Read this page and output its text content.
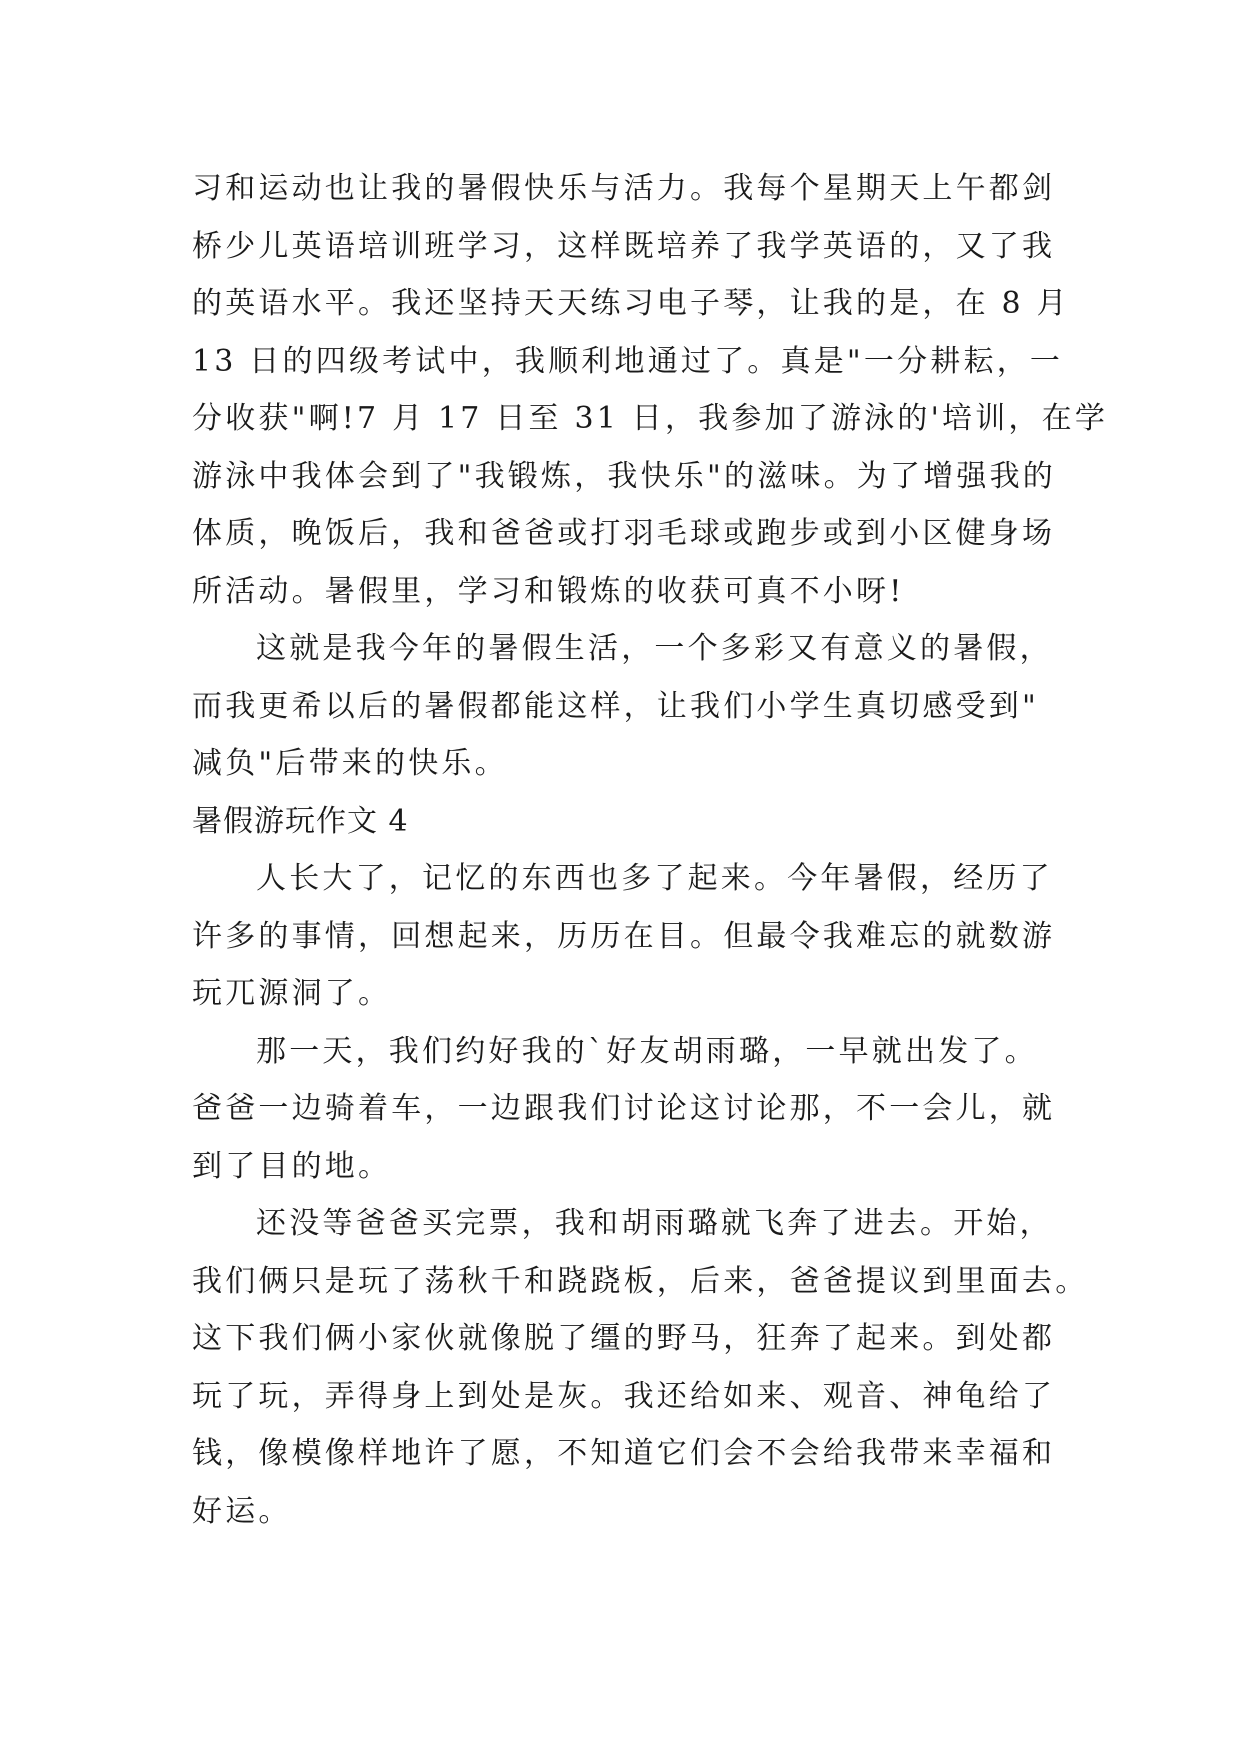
习和运动也让我的暑假快乐与活力。我每个星期天上午都剑
桥少儿英语培训班学习，这样既培养了我学英语的，又了我
的英语水平。我还坚持天天练习电子琴，让我的是，在 8 月
13 日的四级考试中，我顺利地通过了。真是"一分耕耘，一
分收获"啊!7 月 17 日至 31 日，我参加了游泳的'培训，在学
游泳中我体会到了"我锻炼，我快乐"的滋味。为了增强我的
体质，晚饭后，我和爸爸或打羽毛球或跑步或到小区健身场
所活动。暑假里，学习和锻炼的收获可真不小呀!
这就是我今年的暑假生活，一个多彩又有意义的暑假，
而我更希以后的暑假都能这样，让我们小学生真切感受到"
减负"后带来的快乐。
暑假游玩作文 4
人长大了，记忆的东西也多了起来。今年暑假，经历了
许多的事情，回想起来，历历在目。但最令我难忘的就数游
玩兀源洞了。
那一天，我们约好我的`好友胡雨璐，一早就出发了。
爸爸一边骑着车，一边跟我们讨论这讨论那，不一会儿，就
到了目的地。
还没等爸爸买完票，我和胡雨璐就飞奔了进去。开始，
我们俩只是玩了荡秋千和跷跷板，后来，爸爸提议到里面去。
这下我们俩小家伙就像脱了缰的野马，狂奔了起来。到处都
玩了玩，弄得身上到处是灰。我还给如来、观音、神龟给了
钱，像模像样地许了愿，不知道它们会不会给我带来幸福和
好运。
